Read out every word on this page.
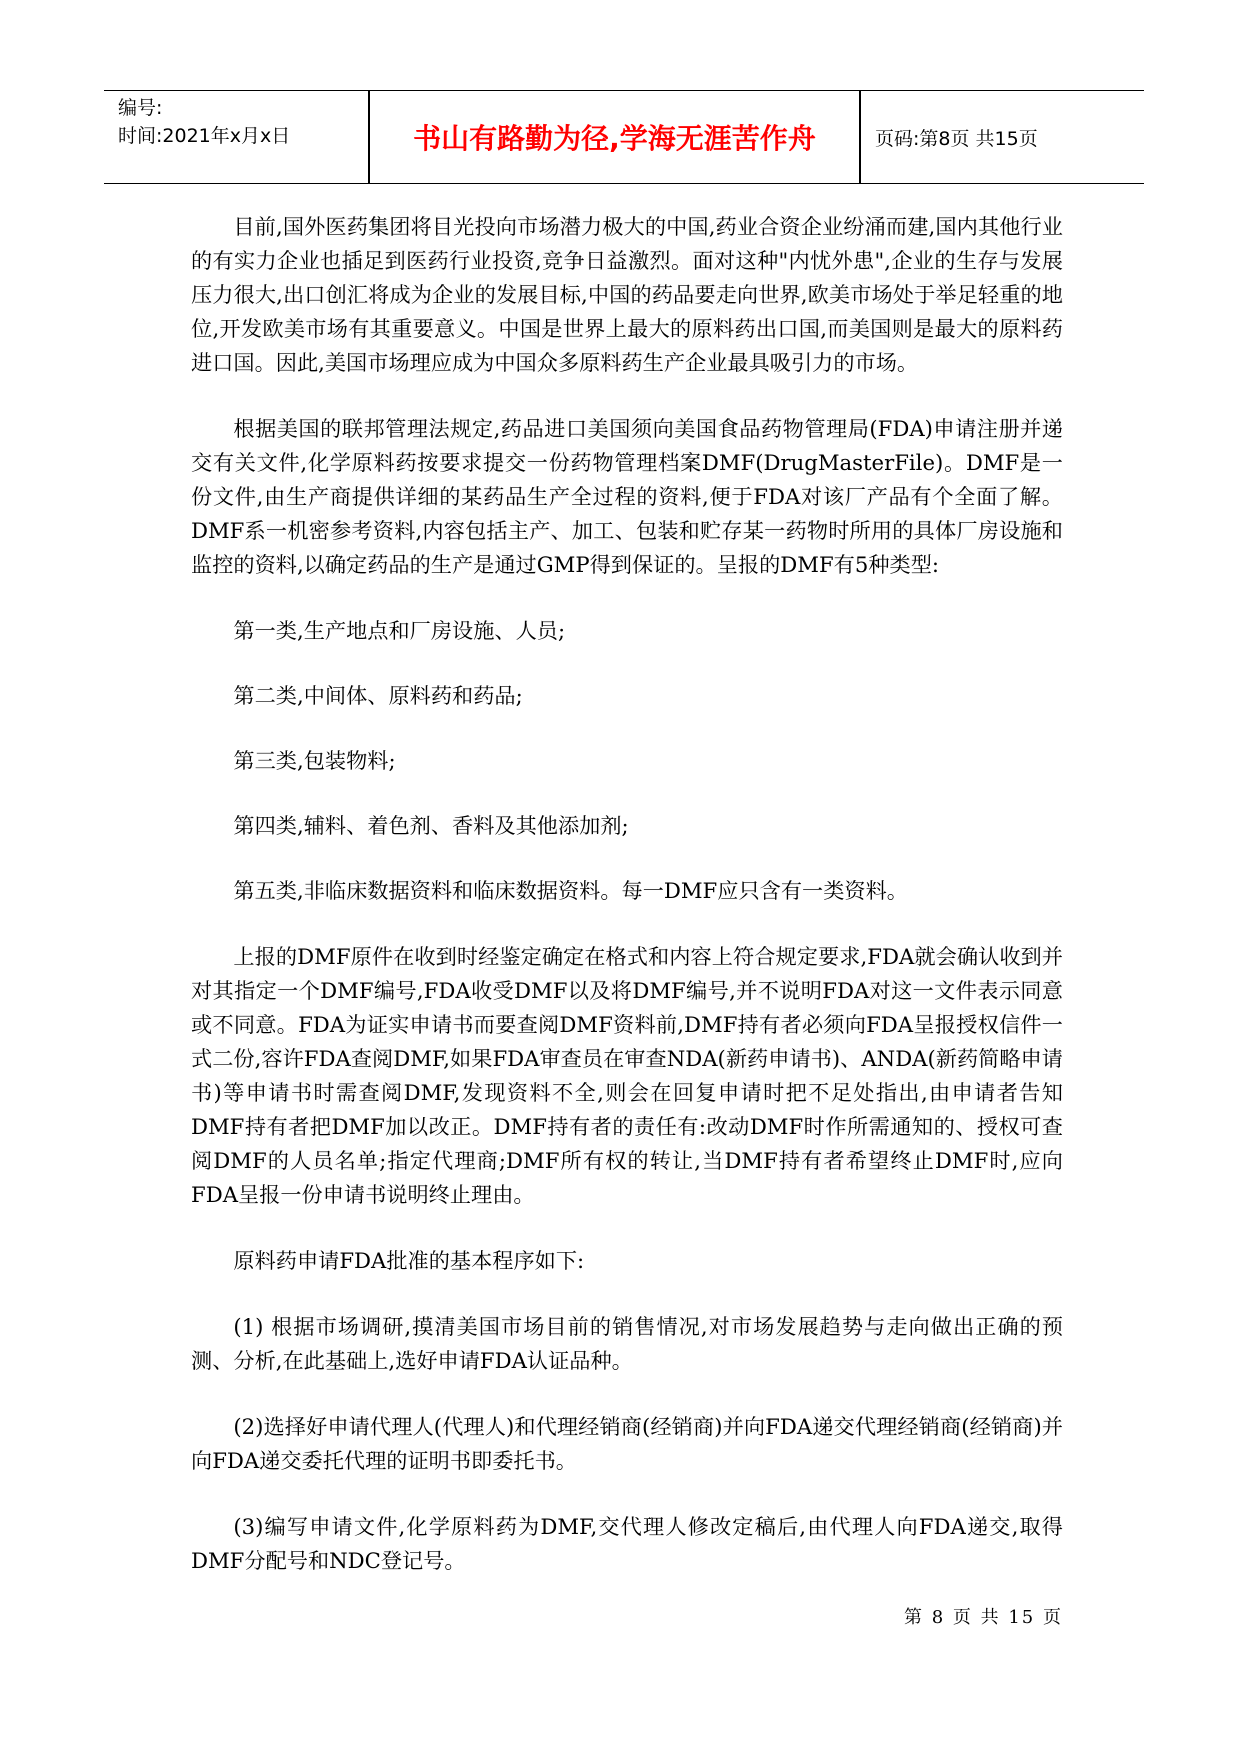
编号:
时间:2021年x月x日	书山有路勤为径,学海无涯苦作舟	页码:第8页 共15页

目前,国外医药集团将目光投向市场潜力极大的中国,药业合资企业纷涌而建,国内其他行业的有实力企业也插足到医药行业投资,竞争日益激烈。面对这种"内忧外患",企业的生存与发展压力很大,出口创汇将成为企业的发展目标,中国的药品要走向世界,欧美市场处于举足轻重的地位,开发欧美市场有其重要意义。中国是世界上最大的原料药出口国,而美国则是最大的原料药进口国。因此,美国市场理应成为中国众多原料药生产企业最具吸引力的市场。

根据美国的联邦管理法规定,药品进口美国须向美国食品药物管理局(FDA)申请注册并递交有关文件,化学原料药按要求提交一份药物管理档案DMF(DrugMasterFile)。DMF是一份文件,由生产商提供详细的某药品生产全过程的资料,便于FDA对该厂产品有个全面了解。DMF系一机密参考资料,内容包括主产、加工、包装和贮存某一药物时所用的具体厂房设施和监控的资料,以确定药品的生产是通过GMP得到保证的。呈报的DMF有5种类型:

第一类,生产地点和厂房设施、人员;

第二类,中间体、原料药和药品;

第三类,包装物料;

第四类,辅料、着色剂、香料及其他添加剂;

第五类,非临床数据资料和临床数据资料。每一DMF应只含有一类资料。

上报的DMF原件在收到时经鉴定确定在格式和内容上符合规定要求,FDA就会确认收到并对其指定一个DMF编号,FDA收受DMF以及将DMF编号,并不说明FDA对这一文件表示同意或不同意。FDA为证实申请书而要查阅DMF资料前,DMF持有者必须向FDA呈报授权信件一式二份,容许FDA查阅DMF,如果FDA审查员在审查NDA(新药申请书)、ANDA(新药简略申请书)等申请书时需查阅DMF,发现资料不全,则会在回复申请时把不足处指出,由申请者告知DMF持有者把DMF加以改正。DMF持有者的责任有:改动DMF时作所需通知的、授权可查阅DMF的人员名单;指定代理商;DMF所有权的转让,当DMF持有者希望终止DMF时,应向FDA呈报一份申请书说明终止理由。

原料药申请FDA批准的基本程序如下:

(1) 根据市场调研,摸清美国市场目前的销售情况,对市场发展趋势与走向做出正确的预测、分析,在此基础上,选好申请FDA认证品种。

(2)选择好申请代理人(代理人)和代理经销商(经销商)并向FDA递交代理经销商(经销商)并向FDA递交委托代理的证明书即委托书。

(3)编写申请文件,化学原料药为DMF,交代理人修改定稿后,由代理人向FDA递交,取得DMF分配号和NDC登记号。

第 8 页 共 15 页
